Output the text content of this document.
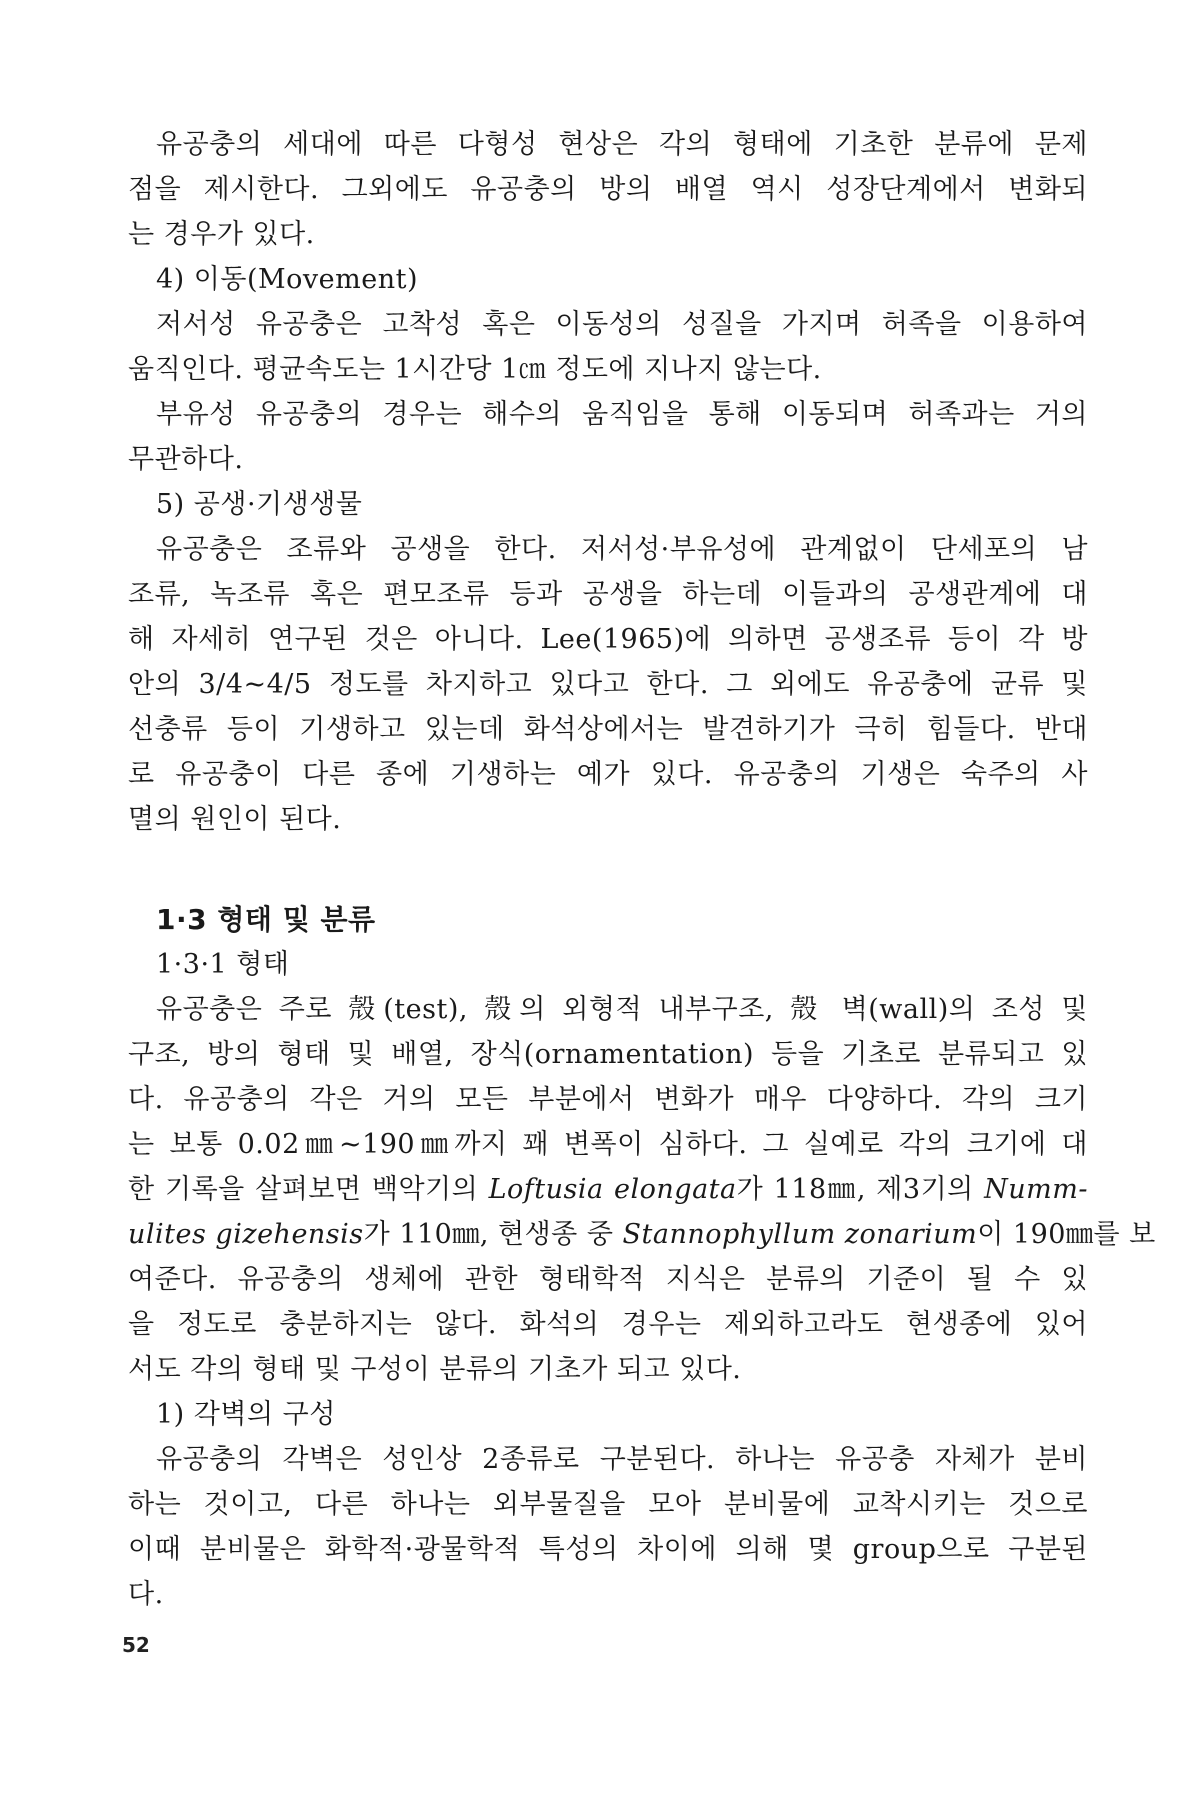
유공충의 세대에 따른 다형성 현상은 각의 형태에 기초한 분류에 문제
점을 제시한다. 그외에도 유공충의 방의 배열 역시 성장단계에서 변화되
는 경우가 있다.
4) 이동(Movement)
저서성 유공충은 고착성 혹은 이동성의 성질을 가지며 허족을 이용하여
움직인다. 평균속도는 1시간당 1㎝ 정도에 지나지 않는다.
부유성 유공충의 경우는 해수의 움직임을 통해 이동되며 허족과는 거의
무관하다.
5) 공생·기생생물
유공충은 조류와 공생을 한다. 저서성·부유성에 관계없이 단세포의 남
조류, 녹조류 혹은 편모조류 등과 공생을 하는데 이들과의 공생관계에 대
해 자세히 연구된 것은 아니다. Lee(1965)에 의하면 공생조류 등이 각 방
안의 3/4~4/5 정도를 차지하고 있다고 한다. 그 외에도 유공충에 균류 및
선충류 등이 기생하고 있는데 화석상에서는 발견하기가 극히 힘들다. 반대
로 유공충이 다른 종에 기생하는 예가 있다. 유공충의 기생은 숙주의 사
멸의 원인이 된다.
1·3 형태 및 분류
1·3·1 형태
유공충은 주로 殼(test), 殼의 외형적 내부구조, 殼 벽(wall)의 조성 및
구조, 방의 형태 및 배열, 장식(ornamentation) 등을 기초로 분류되고 있
다. 유공충의 각은 거의 모든 부분에서 변화가 매우 다양하다. 각의 크기
는 보통 0.02㎜~190㎜까지 꽤 변폭이 심하다. 그 실예로 각의 크기에 대
한 기록을 살펴보면 백악기의 Loftusia elongata가 118㎜, 제3기의 Numm-
ulites gizehensis가 110㎜, 현생종 중 Stannophyllum zonarium이 190㎜를 보
여준다. 유공충의 생체에 관한 형태학적 지식은 분류의 기준이 될 수 있
을 정도로 충분하지는 않다. 화석의 경우는 제외하고라도 현생종에 있어
서도 각의 형태 및 구성이 분류의 기초가 되고 있다.
1) 각벽의 구성
유공충의 각벽은 성인상 2종류로 구분된다. 하나는 유공충 자체가 분비
하는 것이고, 다른 하나는 외부물질을 모아 분비물에 교착시키는 것으로
이때 분비물은 화학적·광물학적 특성의 차이에 의해 몇 group으로 구분된
다.
52
